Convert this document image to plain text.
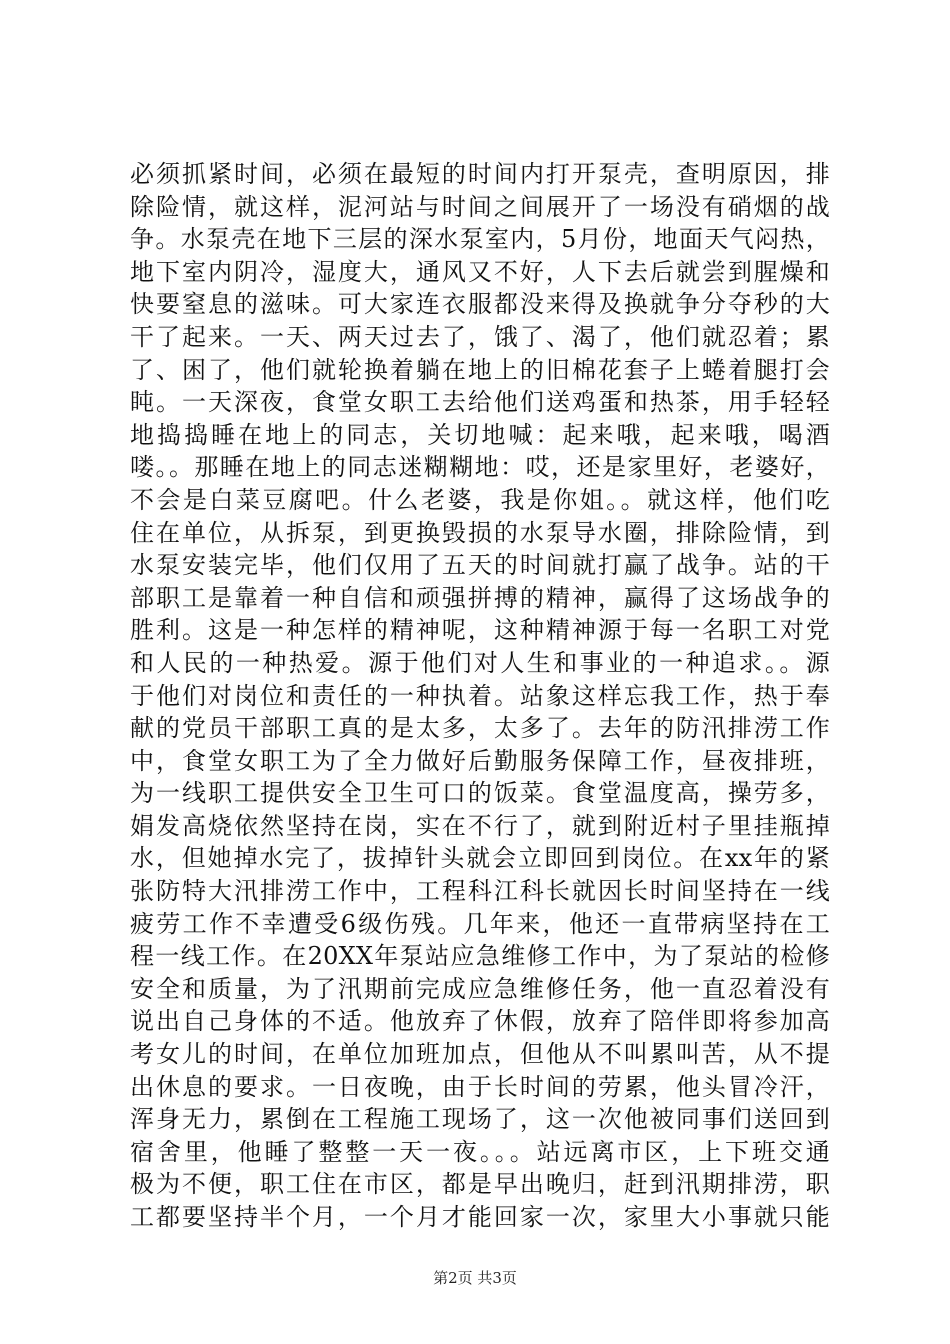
必须抓紧时间，必须在最短的时间内打开泵壳，查明原因，排
除险情，就这样，泥河站与时间之间展开了一场没有硝烟的战
争。水泵壳在地下三层的深水泵室内，5月份，地面天气闷热，
地下室内阴冷，湿度大，通风又不好，人下去后就尝到腥燥和
快要窒息的滋味。可大家连衣服都没来得及换就争分夺秒的大
干了起来。一天、两天过去了，饿了、渴了，他们就忍着；累
了、困了，他们就轮换着躺在地上的旧棉花套子上蜷着腿打会
盹。一天深夜，食堂女职工去给他们送鸡蛋和热茶，用手轻轻
地捣捣睡在地上的同志，关切地喊：起来哦，起来哦，喝酒
喽。。那睡在地上的同志迷糊糊地：哎，还是家里好，老婆好，
不会是白菜豆腐吧。什么老婆，我是你姐。。就这样，他们吃
住在单位，从拆泵，到更换毁损的水泵导水圈，排除险情，到
水泵安装完毕，他们仅用了五天的时间就打赢了战争。站的干
部职工是靠着一种自信和顽强拼搏的精神，赢得了这场战争的
胜利。这是一种怎样的精神呢，这种精神源于每一名职工对党
和人民的一种热爱。源于他们对人生和事业的一种追求。。源
于他们对岗位和责任的一种执着。站象这样忘我工作，热于奉
献的党员干部职工真的是太多，太多了。去年的防汛排涝工作
中，食堂女职工为了全力做好后勤服务保障工作，昼夜排班，
为一线职工提供安全卫生可口的饭菜。食堂温度高，操劳多，
娟发高烧依然坚持在岗，实在不行了，就到附近村子里挂瓶掉
水，但她掉水完了，拔掉针头就会立即回到岗位。在xx年的紧
张防特大汛排涝工作中，工程科江科长就因长时间坚持在一线
疲劳工作不幸遭受6级伤残。几年来，他还一直带病坚持在工
程一线工作。在20XX年泵站应急维修工作中，为了泵站的检修
安全和质量，为了汛期前完成应急维修任务，他一直忍着没有
说出自己身体的不适。他放弃了休假，放弃了陪伴即将参加高
考女儿的时间，在单位加班加点，但他从不叫累叫苦，从不提
出休息的要求。一日夜晚，由于长时间的劳累，他头冒冷汗，
浑身无力，累倒在工程施工现场了，这一次他被同事们送回到
宿舍里，他睡了整整一天一夜。。。站远离市区，上下班交通
极为不便，职工住在市区，都是早出晚归，赶到汛期排涝，职
工都要坚持半个月，一个月才能回家一次，家里大小事就只能
第2页 共3页
